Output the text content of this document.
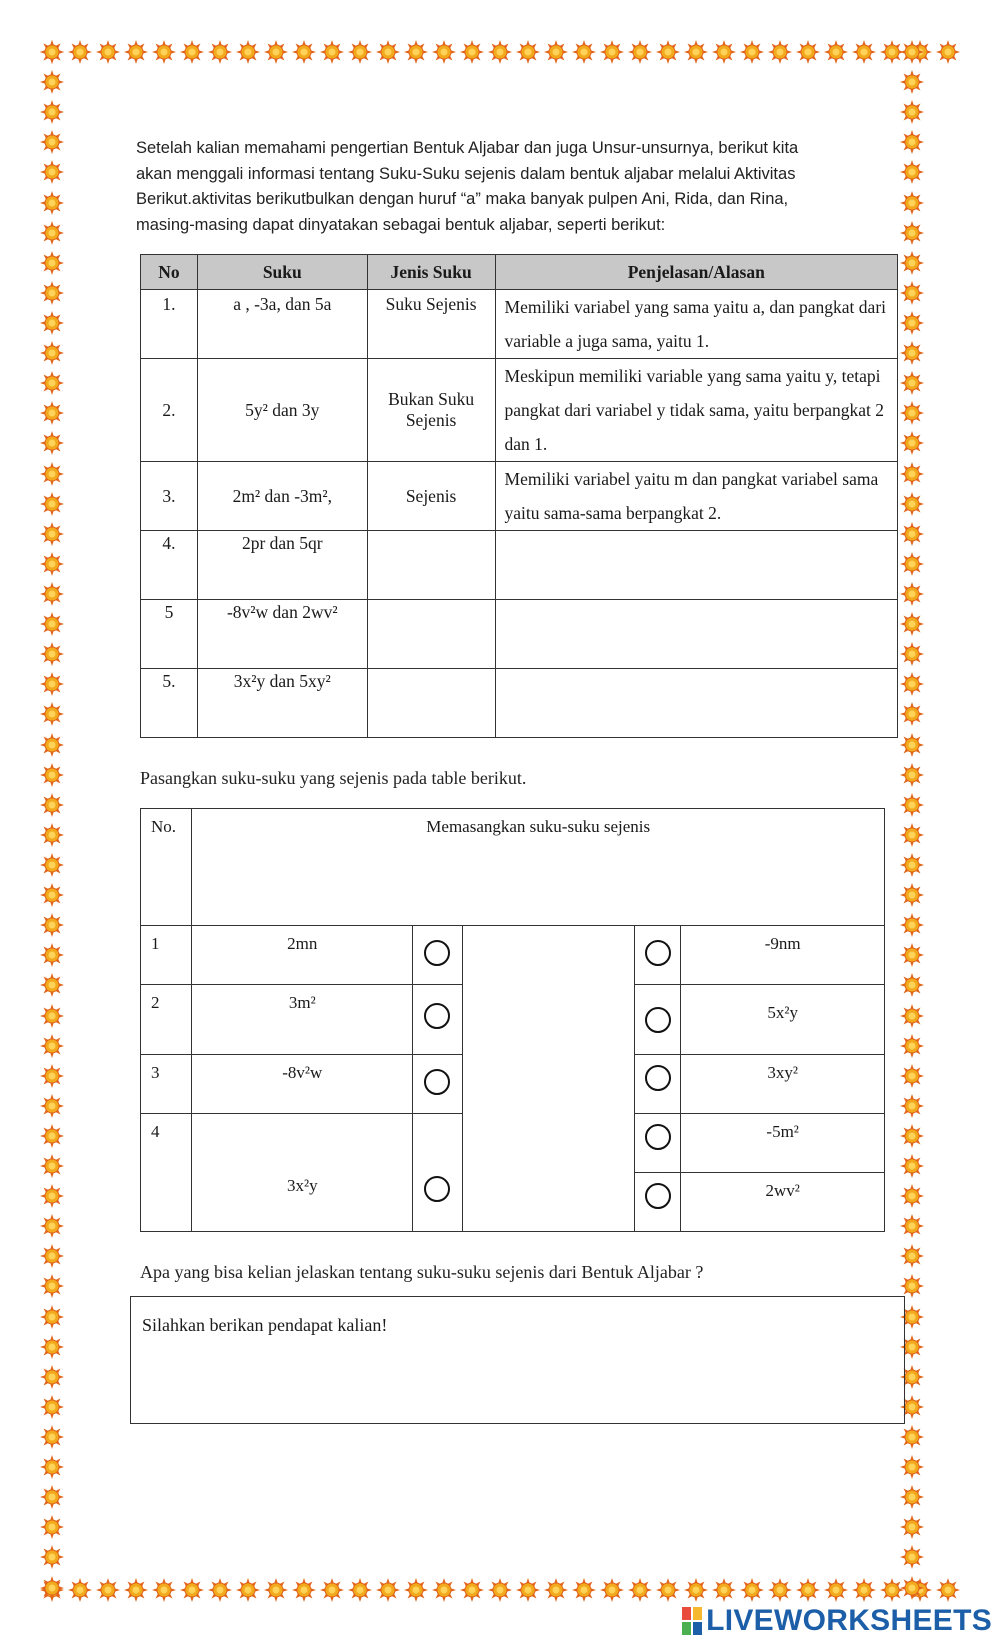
Setelah kalian memahami pengertian Bentuk Aljabar dan juga Unsur-unsurnya, berikut kita
akan menggali informasi tentang Suku-Suku sejenis dalam bentuk aljabar melalui Aktivitas
Berikut.aktivitas berikutbulkan dengan huruf “a” maka banyak pulpen Ani, Rida, dan Rina,
masing-masing dapat dinyatakan sebagai bentuk aljabar, seperti berikut:
No	Suku	Jenis Suku	Penjelasan/Alasan
1.	a , -3a, dan 5a	Suku Sejenis	Memiliki variabel yang sama yaitu a, dan pangkat dari variable a juga sama, yaitu 1.
2.	5y² dan 3y	Bukan Suku Sejenis	Meskipun memiliki variable yang sama yaitu y, tetapi pangkat dari variabel y tidak sama, yaitu berpangkat 2 dan 1.
3.	2m² dan -3m²,	Sejenis	Memiliki variabel yaitu m dan pangkat variabel sama yaitu sama-sama berpangkat 2.
4.	2pr dan 5qr		
5	-8v²w dan 2wv²		
5.	3x²y dan 5xy²		
Pasangkan suku-suku yang sejenis pada table berikut.
No.	Memasangkan suku-suku sejenis				
1	2mn				-9nm
2	3m²				5x²y
3	-8v²w				3xy²
4	3x²y				-5m²
					2wv²
Apa yang bisa kelian jelaskan tentang suku-suku sejenis dari Bentuk Aljabar ?
Silahkan berikan pendapat kalian!
LIVEWORKSHEETS
